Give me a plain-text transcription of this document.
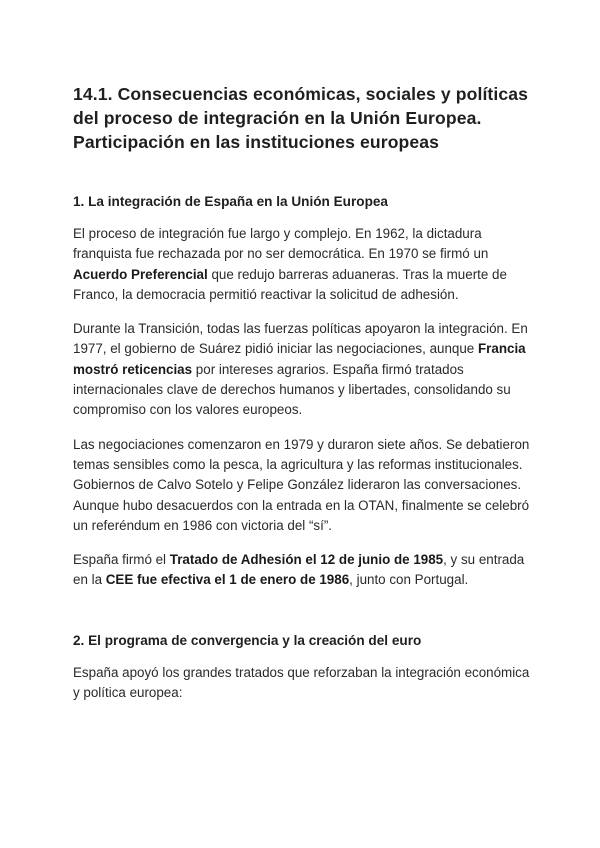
14.1. Consecuencias económicas, sociales y políticas del proceso de integración en la Unión Europea. Participación en las instituciones europeas
1. La integración de España en la Unión Europea

El proceso de integración fue largo y complejo. En 1962, la dictadura franquista fue rechazada por no ser democrática. En 1970 se firmó un Acuerdo Preferencial que redujo barreras aduaneras. Tras la muerte de Franco, la democracia permitió reactivar la solicitud de adhesión.

Durante la Transición, todas las fuerzas políticas apoyaron la integración. En 1977, el gobierno de Suárez pidió iniciar las negociaciones, aunque Francia mostró reticencias por intereses agrarios. España firmó tratados internacionales clave de derechos humanos y libertades, consolidando su compromiso con los valores europeos.

Las negociaciones comenzaron en 1979 y duraron siete años. Se debatieron temas sensibles como la pesca, la agricultura y las reformas institucionales. Gobiernos de Calvo Sotelo y Felipe González lideraron las conversaciones. Aunque hubo desacuerdos con la entrada en la OTAN, finalmente se celebró un referéndum en 1986 con victoria del “sí”.

España firmó el Tratado de Adhesión el 12 de junio de 1985, y su entrada en la CEE fue efectiva el 1 de enero de 1986, junto con Portugal.

2. El programa de convergencia y la creación del euro

España apoyó los grandes tratados que reforzaban la integración económica y política europea:
